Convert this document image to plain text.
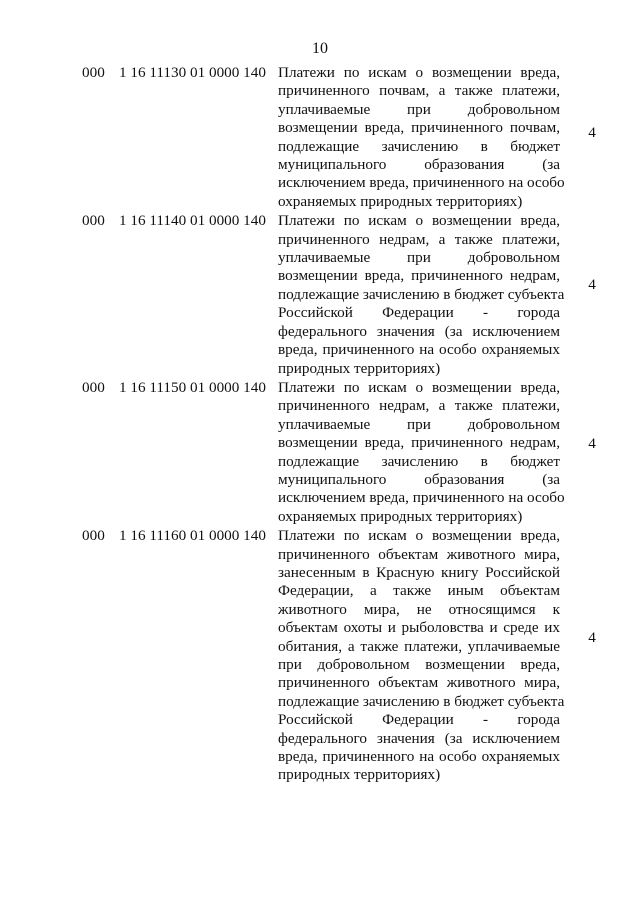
10
000 1 16 11130 01 0000 140 Платежи по искам о возмещении вреда,
причиненного почвам, а также платежи,
уплачиваемые при добровольном
возмещении вреда, причиненного почвам,
подлежащие зачислению в бюджет
муниципального образования (за
исключением вреда, причиненного на особо
охраняемых природных территориях)
4
000 1 16 11140 01 0000 140 Платежи по искам о возмещении вреда,
причиненного недрам, а также платежи,
уплачиваемые при добровольном
возмещении вреда, причиненного недрам,
подлежащие зачислению в бюджет субъекта
Российской Федерации - города
федерального значения (за исключением
вреда, причиненного на особо охраняемых
природных территориях)
4
000 1 16 11150 01 0000 140 Платежи по искам о возмещении вреда,
причиненного недрам, а также платежи,
уплачиваемые при добровольном
возмещении вреда, причиненного недрам,
подлежащие зачислению в бюджет
муниципального образования (за
исключением вреда, причиненного на особо
охраняемых природных территориях)
4
000 1 16 11160 01 0000 140 Платежи по искам о возмещении вреда,
причиненного объектам животного мира,
занесенным в Красную книгу Российской
Федерации, а также иным объектам
животного мира, не относящимся к
объектам охоты и рыболовства и среде их
обитания, а также платежи, уплачиваемые
при добровольном возмещении вреда,
причиненного объектам животного мира,
подлежащие зачислению в бюджет субъекта
Российской Федерации - города
федерального значения (за исключением
вреда, причиненного на особо охраняемых
природных территориях)
4
